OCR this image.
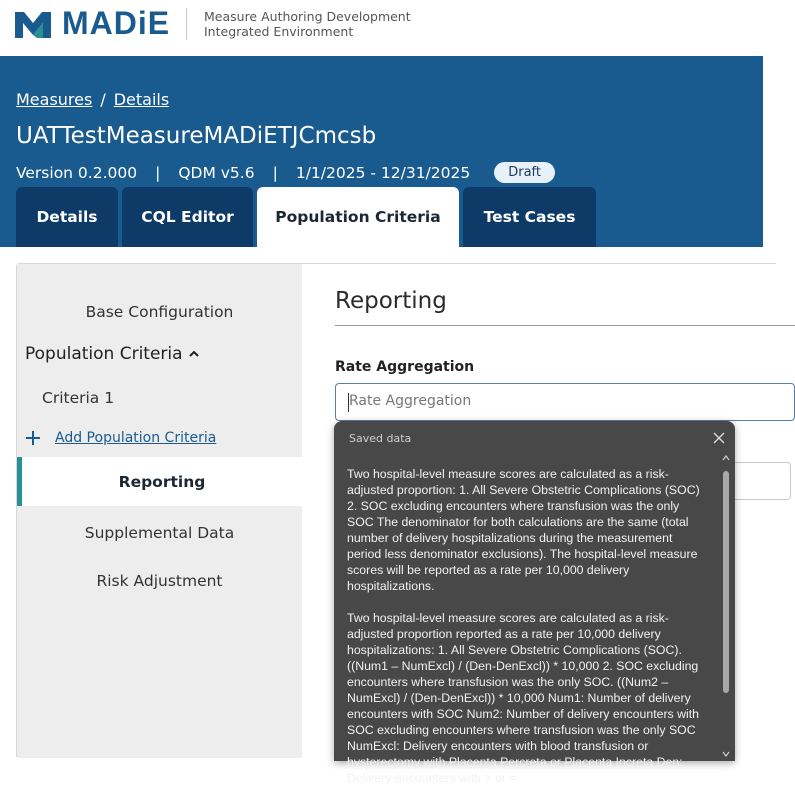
MADiE	Measure Authoring Development
Integrated Environment
Measures / Details
UATTestMeasureMADiETJCmcsb
Version 0.2.000 | QDM v5.6 | 1/1/2025 - 12/31/2025	Draft
Details	CQL Editor	Population Criteria	Test Cases
Base Configuration
Population Criteria
Criteria 1
Add Population Criteria
Reporting
Supplemental Data
Risk Adjustment
Reporting
Rate Aggregation
Rate Aggregation
Saved data

Two hospital-level measure scores are calculated as a risk-adjusted proportion: 1. All Severe Obstetric Complications (SOC) 2. SOC excluding encounters where transfusion was the only SOC The denominator for both calculations are the same (total number of delivery hospitalizations during the measurement period less denominator exclusions). The hospital-level measure scores will be reported as a rate per 10,000 delivery hospitalizations.

Two hospital-level measure scores are calculated as a risk-adjusted proportion reported as a rate per 10,000 delivery hospitalizations: 1. All Severe Obstetric Complications (SOC). ((Num1 – NumExcl) / (Den-DenExcl)) * 10,000 2. SOC excluding encounters where transfusion was the only SOC. ((Num2 – NumExcl) / (Den-DenExcl)) * 10,000 Num1: Number of delivery encounters with SOC Num2: Number of delivery encounters with SOC excluding encounters where transfusion was the only SOC NumExcl: Delivery encounters with blood transfusion or hysterectomy with Placenta Percreta or Placenta Increta Den: Delivery encounters with > or =
